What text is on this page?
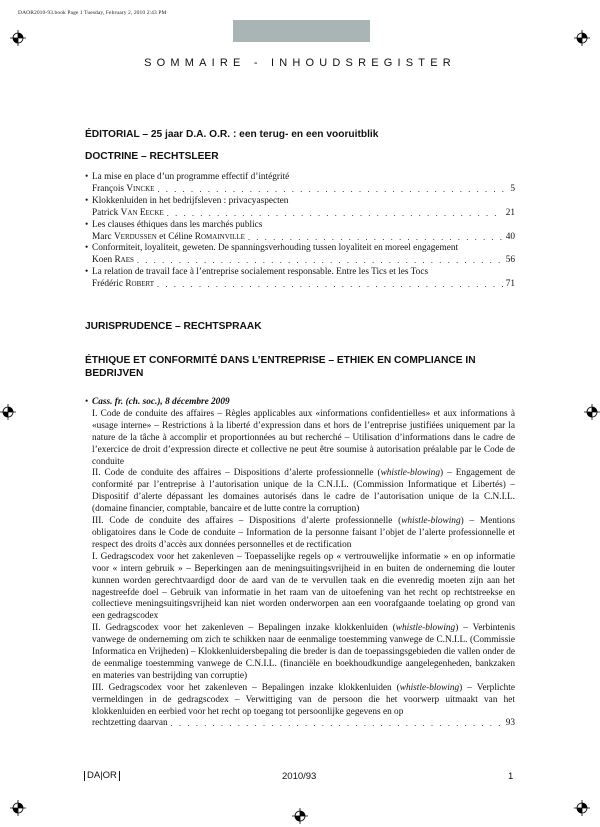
DAOR2010-93.book Page 1 Tuesday, February 2, 2010 2:43 PM
SOMMAIRE - INHOUDSREGISTER
ÉDITORIAL – 25 jaar D.A. O.R. : een terug- en een vooruitblik
DOCTRINE – RECHTSLEER
• La mise en place d’un programme effectif d’intégrité
François Vincke . . .	5
• Klokkenluiden in het bedrijfsleven : privacyaspecten
Patrick Van Eecke . . .	21
• Les clauses éthiques dans les marchés publics
Marc Verdussen et Céline Romainville . . .	40
• Conformiteit, loyaliteit, geweten. De spanningsverhouding tussen loyaliteit en moreel engagement
Koen Raes . . .	56
• La relation de travail face à l’entreprise socialement responsable. Entre les Tics et les Tocs
Frédéric Robert . . .	71
JURISPRUDENCE – RECHTSPRAAK
ÉTHIQUE ET CONFORMITÉ DANS L’ENTREPRISE – ETHIEK EN COMPLIANCE IN BEDRIJVEN
• Cass. fr. (ch. soc.), 8 décembre 2009
I. Code de conduite des affaires – Règles applicables aux «informations confidentielles» et aux informations à «usage interne» – Restrictions à la liberté d’expression dans et hors de l’entreprise justifiées uniquement par la nature de la tâche à accomplir et proportionnées au but recherché – Utilisation d’informations dans le cadre de l’exercice de droit d’expression directe et collective ne peut être soumise à autorisation préalable par le Code de conduite
II. Code de conduite des affaires – Dispositions d’alerte professionnelle (whistle-blowing) – Engagement de conformité par l’entreprise à l’autorisation unique de la C.N.I.L. (Commission Informatique et Libertés) – Dispositif d’alerte dépassant les domaines autorisés dans le cadre de l’autorisation unique de la C.N.I.L. (domaine financier, comptable, bancaire et de lutte contre la corruption)
III. Code de conduite des affaires – Dispositions d’alerte professionnelle (whistle-blowing) – Mentions obligatoires dans le Code de conduite – Information de la personne faisant l’objet de l’alerte professionnelle et respect des droits d’accès aux données personnelles et de rectification
I. Gedragscodex voor het zakenleven – Toepasselijke regels op « vertrouwelijke informatie » en op informatie voor « intern gebruik » – Beperkingen aan de meningsuitingsvrijheid in en buiten de onderneming die louter kunnen worden gerechtvaardigd door de aard van de te vervullen taak en die evenredig moeten zijn aan het nagestreefde doel – Gebruik van informatie in het raam van de uitoefening van het recht op rechtstreekse en collectieve meningsuitingsvrijheid kan niet worden onderworpen aan een voorafgaande toelating op grond van een gedragscodex
II. Gedragscodex voor het zakenleven – Bepalingen inzake klokkenluiden (whistle-blowing) – Verbintenis vanwege de onderneming om zich te schikken naar de eenmalige toestemming vanwege de C.N.I.L. (Commissie Informatica en Vrijheden) – Klokkenluidersbepaling die breder is dan de toepassingsgebieden die vallen onder de de eenmalige toestemming vanwege de C.N.I.L. (financiële en boekhoudkundige aangelegenheden, bankzaken en materies van bestrijding van corruptie)
III. Gedragscodex voor het zakenleven – Bepalingen inzake klokkenluiden (whistle-blowing) – Verplichte vermeldingen in de gedragscodex – Verwittiging van de persoon die het voorwerp uitmaakt van het klokkenluiden en eerbied voor het recht op toegang tot persoonlijke gegevens en op
rechtzetting daarvan . . .	93
DA|OR	2010/93	1
